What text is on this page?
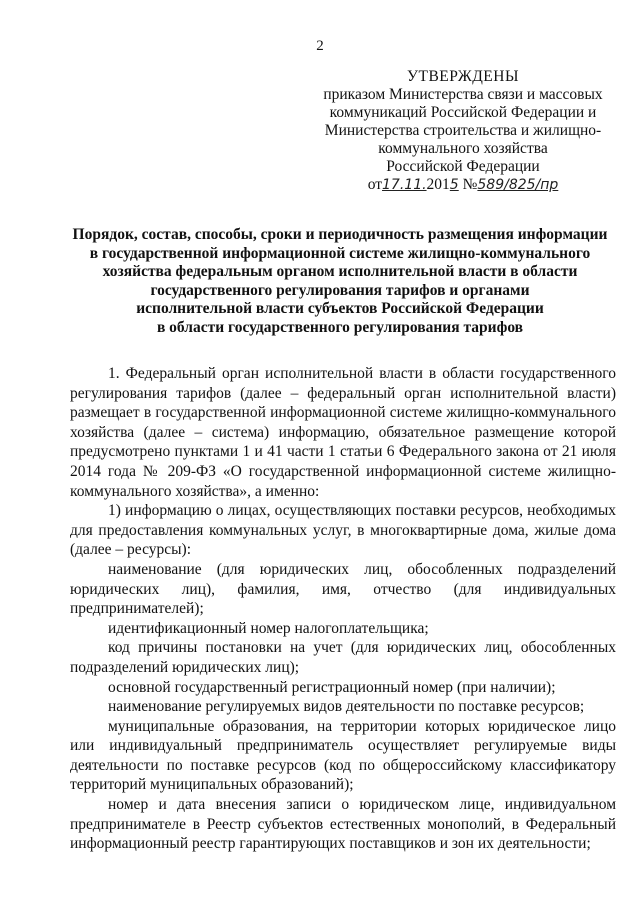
2
УТВЕРЖДЕНЫ
приказом Министерства связи и массовых
коммуникаций Российской Федерации и
Министерства строительства и жилищно-
коммунального хозяйства
Российской Федерации
от17.11.2015 №589/825/пр
Порядок, состав, способы, сроки и периодичность размещения информации
в государственной информационной системе жилищно-коммунального
хозяйства федеральным органом исполнительной власти в области
государственного регулирования тарифов и органами
исполнительной власти субъектов Российской Федерации
в области государственного регулирования тарифов

1. Федеральный орган исполнительной власти в области государственного регулирования тарифов (далее – федеральный орган исполнительной власти) размещает в государственной информационной системе жилищно-коммунального хозяйства (далее – система) информацию, обязательное размещение которой предусмотрено пунктами 1 и 41 части 1 статьи 6 Федерального закона от 21 июля 2014 года № 209-ФЗ «О государственной информационной системе жилищно-коммунального хозяйства», а именно:

1) информацию о лицах, осуществляющих поставки ресурсов, необходимых для предоставления коммунальных услуг, в многоквартирные дома, жилые дома (далее – ресурсы):

наименование (для юридических лиц, обособленных подразделений юридических лиц), фамилия, имя, отчество (для индивидуальных предпринимателей);

идентификационный номер налогоплательщика;

код причины постановки на учет (для юридических лиц, обособленных подразделений юридических лиц);

основной государственный регистрационный номер (при наличии);

наименование регулируемых видов деятельности по поставке ресурсов;

муниципальные образования, на территории которых юридическое лицо или индивидуальный предприниматель осуществляет регулируемые виды деятельности по поставке ресурсов (код по общероссийскому классификатору территорий муниципальных образований);

номер и дата внесения записи о юридическом лице, индивидуальном предпринимателе в Реестр субъектов естественных монополий, в Федеральный информационный реестр гарантирующих поставщиков и зон их деятельности;
